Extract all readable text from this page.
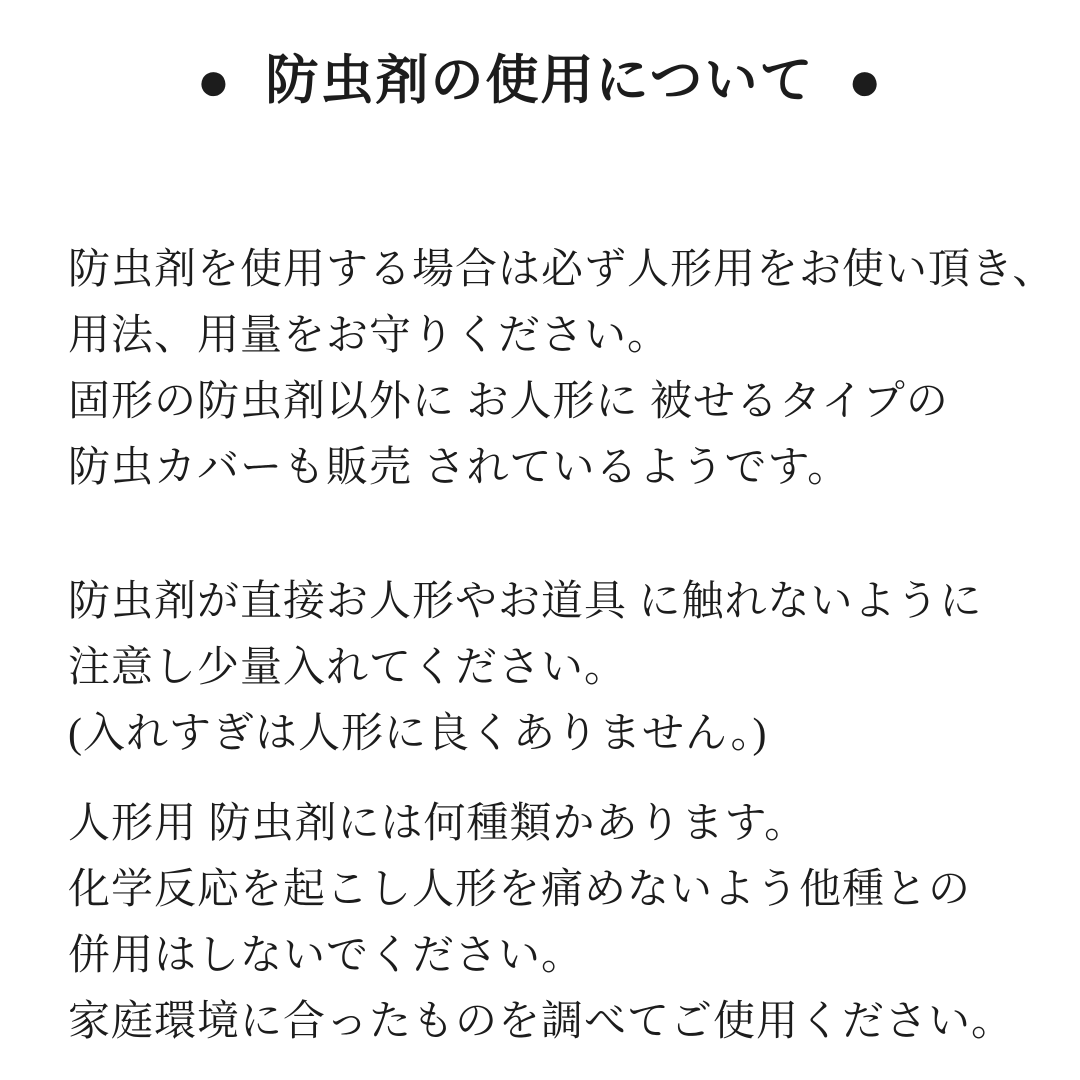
● 防虫剤の使用について ●
防虫剤を使用する場合は必ず人形用をお使い頂き、
用法、用量をお守りください。
固形の防虫剤以外に お人形に 被せるタイプの
防虫カバーも販売 されているようです。
防虫剤が直接お人形やお道具 に触れないように
注意し少量入れてください。
(入れすぎは人形に良くありません。)
人形用 防虫剤には何種類かあります。
化学反応を起こし人形を痛めないよう他種との
併用はしないでください。
家庭環境に合ったものを調べてご使用ください。
